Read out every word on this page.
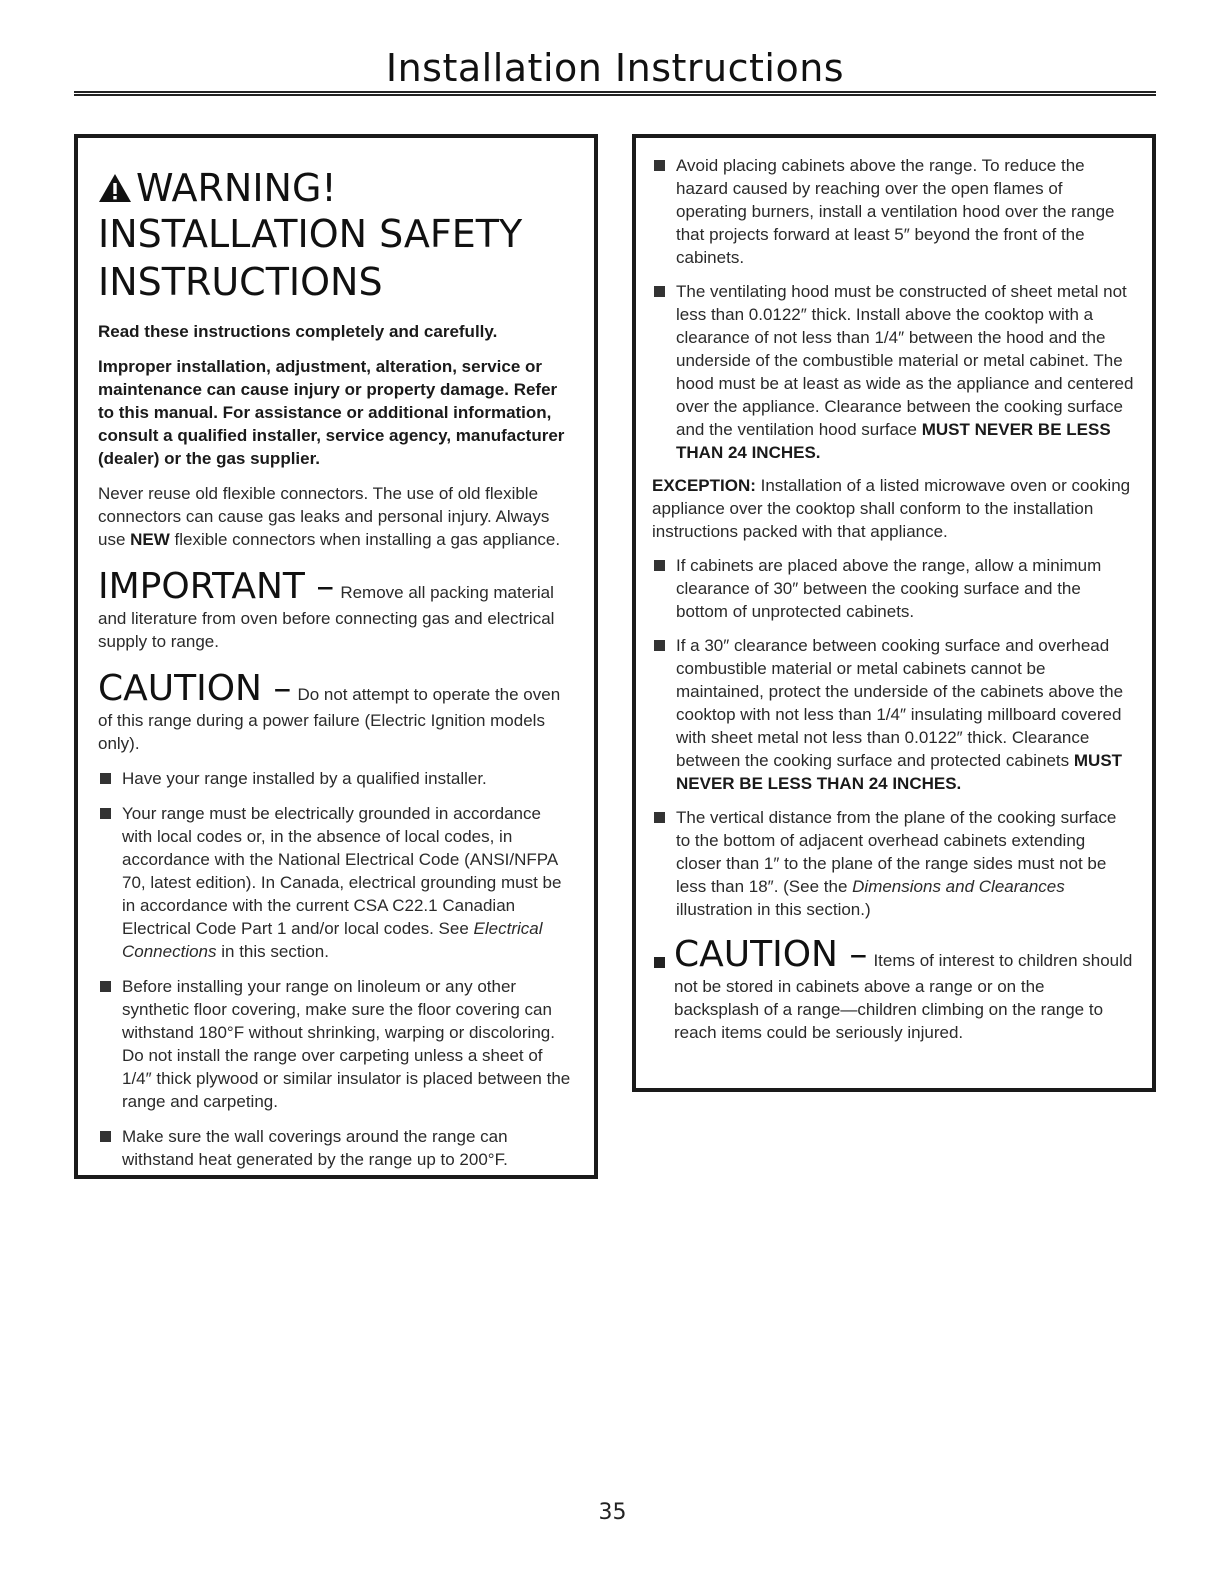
Installation Instructions
WARNING!
INSTALLATION SAFETY INSTRUCTIONS
Read these instructions completely and carefully.
Improper installation, adjustment, alteration, service or maintenance can cause injury or property damage. Refer to this manual. For assistance or additional information, consult a qualified installer, service agency, manufacturer (dealer) or the gas supplier.
Never reuse old flexible connectors. The use of old flexible connectors can cause gas leaks and personal injury. Always use NEW flexible connectors when installing a gas appliance.
IMPORTANT – Remove all packing material and literature from oven before connecting gas and electrical supply to range.
CAUTION – Do not attempt to operate the oven of this range during a power failure (Electric Ignition models only).
Have your range installed by a qualified installer.
Your range must be electrically grounded in accordance with local codes or, in the absence of local codes, in accordance with the National Electrical Code (ANSI/NFPA 70, latest edition). In Canada, electrical grounding must be in accordance with the current CSA C22.1 Canadian Electrical Code Part 1 and/or local codes. See Electrical Connections in this section.
Before installing your range on linoleum or any other synthetic floor covering, make sure the floor covering can withstand 180°F without shrinking, warping or discoloring. Do not install the range over carpeting unless a sheet of 1/4″ thick plywood or similar insulator is placed between the range and carpeting.
Make sure the wall coverings around the range can withstand heat generated by the range up to 200°F.
Avoid placing cabinets above the range. To reduce the hazard caused by reaching over the open flames of operating burners, install a ventilation hood over the range that projects forward at least 5″ beyond the front of the cabinets.
The ventilating hood must be constructed of sheet metal not less than 0.0122″ thick. Install above the cooktop with a clearance of not less than 1/4″ between the hood and the underside of the combustible material or metal cabinet. The hood must be at least as wide as the appliance and centered over the appliance. Clearance between the cooking surface and the ventilation hood surface MUST NEVER BE LESS THAN 24 INCHES.
EXCEPTION: Installation of a listed microwave oven or cooking appliance over the cooktop shall conform to the installation instructions packed with that appliance.
If cabinets are placed above the range, allow a minimum clearance of 30″ between the cooking surface and the bottom of unprotected cabinets.
If a 30″ clearance between cooking surface and overhead combustible material or metal cabinets cannot be maintained, protect the underside of the cabinets above the cooktop with not less than 1/4″ insulating millboard covered with sheet metal not less than 0.0122″ thick. Clearance between the cooking surface and protected cabinets MUST NEVER BE LESS THAN 24 INCHES.
The vertical distance from the plane of the cooking surface to the bottom of adjacent overhead cabinets extending closer than 1″ to the plane of the range sides must not be less than 18″. (See the Dimensions and Clearances illustration in this section.)
CAUTION – Items of interest to children should not be stored in cabinets above a range or on the backsplash of a range—children climbing on the range to reach items could be seriously injured.
35
